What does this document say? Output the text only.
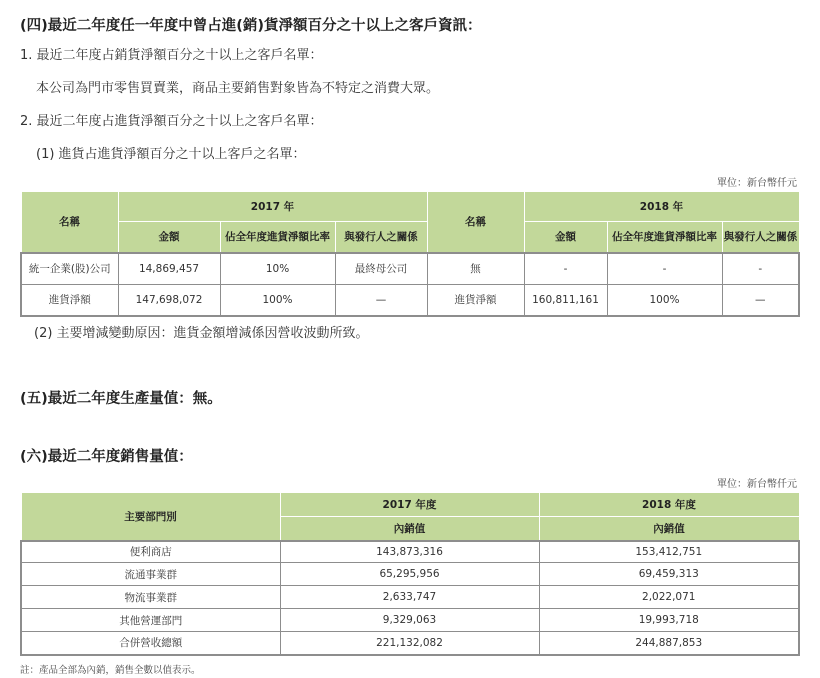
(四)最近二年度任一年度中曾占進(銷)貨淨額百分之十以上之客戶資訊：
1. 最近二年度占銷貨淨額百分之十以上之客戶名單：
本公司為門市零售買賣業，商品主要銷售對象皆為不特定之消費大眾。
2. 最近二年度占進貨淨額百分之十以上之客戶名單：
(1) 進貨占進貨淨額百分之十以上客戶之名單：
單位：新台幣仟元
名稱	2017 年			名稱	2018 年		
	金額	佔全年度進貨淨額比率	與發行人之關係		金額	佔全年度進貨淨額比率	與發行人之關係
統一企業(股)公司	14,869,457	10%	最終母公司	無	-	-	-
進貨淨額	147,698,072	100%	—	進貨淨額	160,811,161	100%	—
(2) 主要增減變動原因：進貨金額增減係因營收波動所致。
(五)最近二年度生產量值：無。
(六)最近二年度銷售量值：
單位：新台幣仟元
主要部門別	2017 年度	2018 年度
	內銷值	內銷值
便利商店	143,873,316	153,412,751
流通事業群	65,295,956	69,459,313
物流事業群	2,633,747	2,022,071
其他營運部門	9,329,063	19,993,718
合併營收總額	221,132,082	244,887,853
註：產品全部為內銷，銷售全數以值表示。
